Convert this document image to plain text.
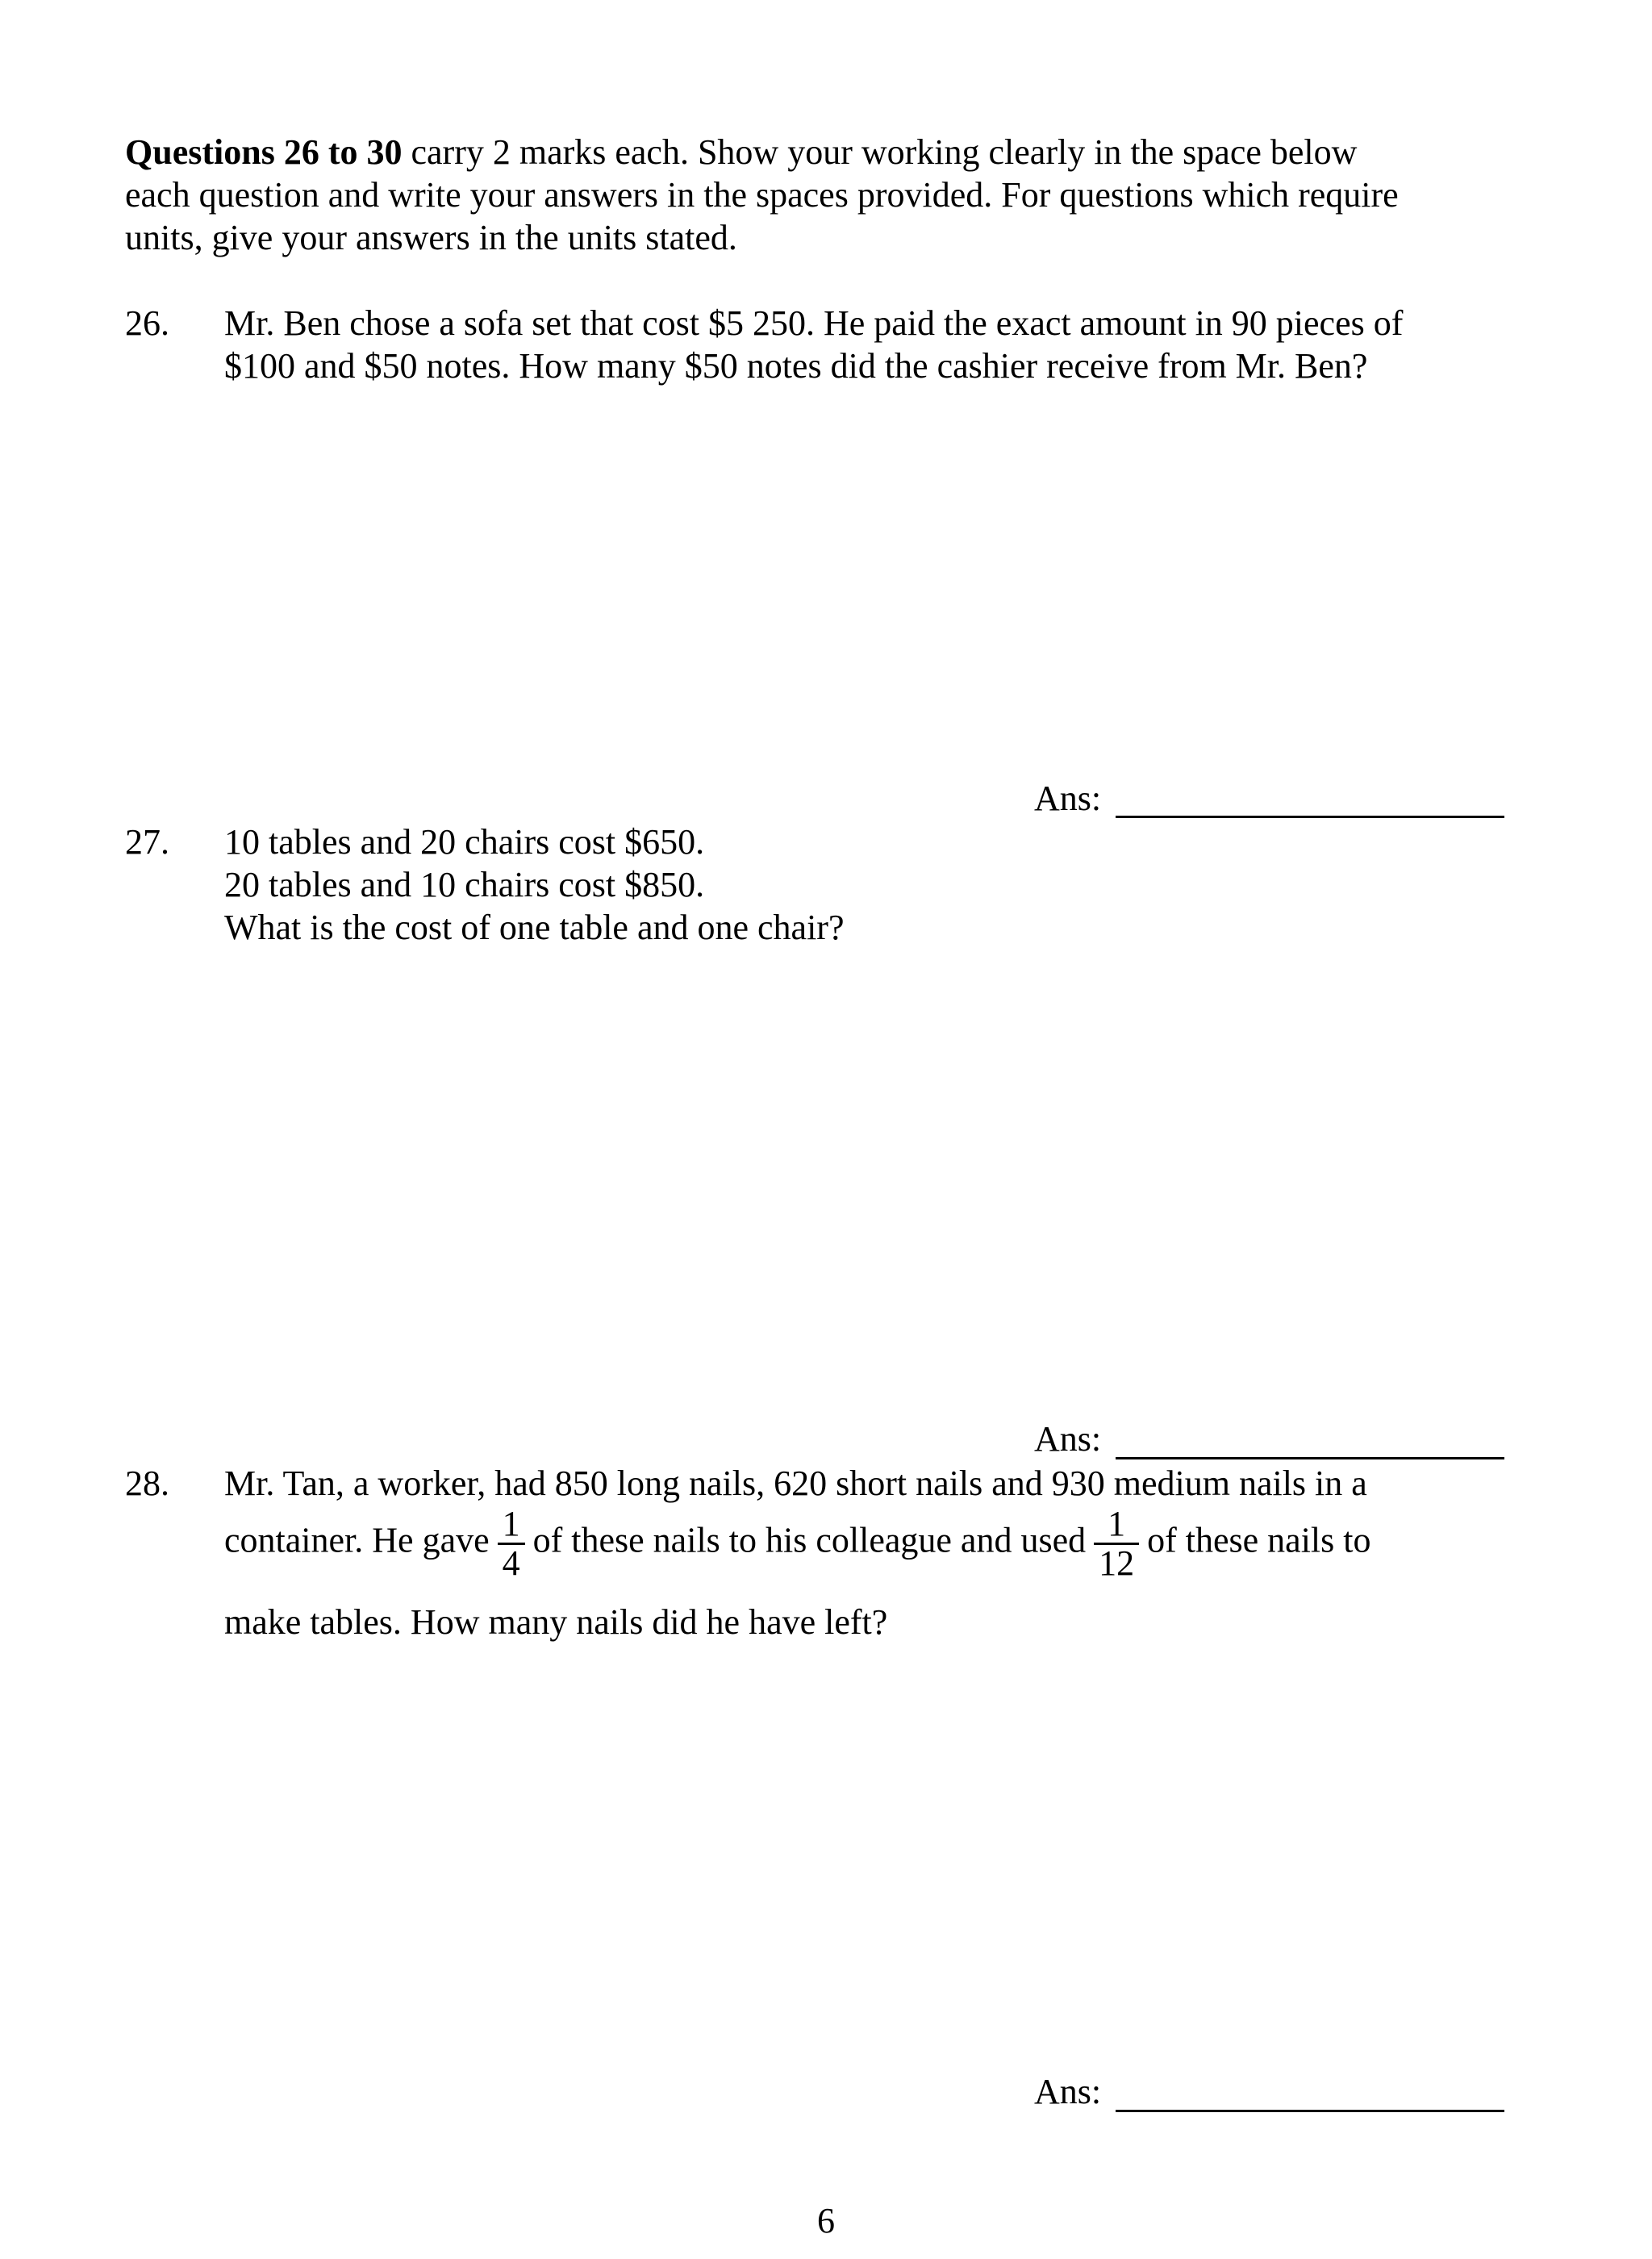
Questions 26 to 30 carry 2 marks each. Show your working clearly in the space below
each question and write your answers in the spaces provided. For questions which require
units, give your answers in the units stated.
26.	Mr. Ben chose a sofa set that cost $5 250. He paid the exact amount in 90 pieces of
$100 and $50 notes. How many $50 notes did the cashier receive from Mr. Ben?
Ans:
27.	10 tables and 20 chairs cost $650.
20 tables and 10 chairs cost $850.
What is the cost of one table and one chair?
Ans:
28.	Mr. Tan, a worker, had 850 long nails, 620 short nails and 930 medium nails in a
container. He gave $\frac{1}{4}$ of these nails to his colleague and used $\frac{1}{12}$ of these nails to
make tables. How many nails did he have left?
Ans:
6
